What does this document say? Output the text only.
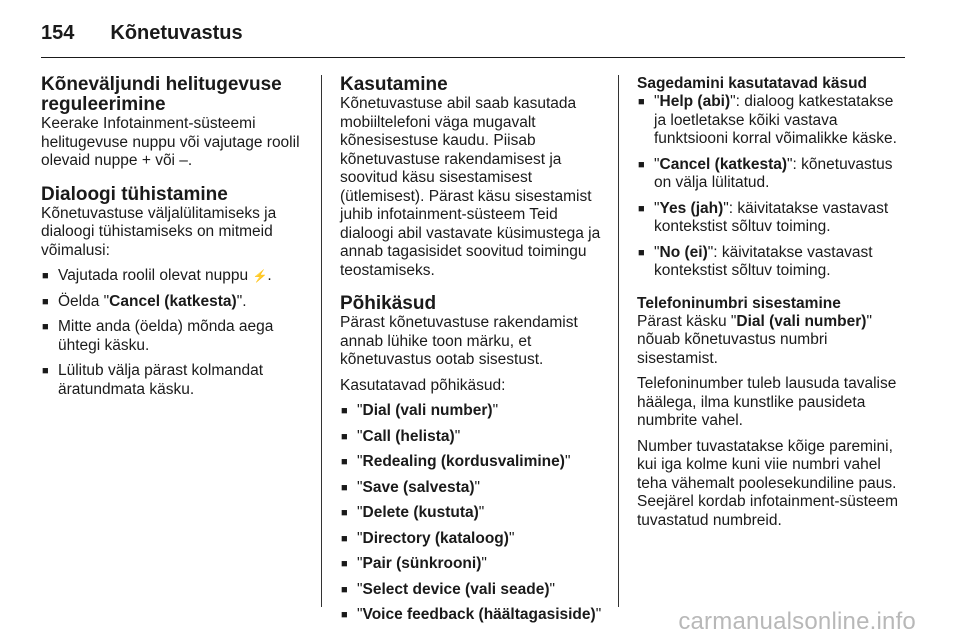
154 Kõnetuvastus
Kõneväljundi helitugevuse reguleerimine

Keerake Infotainment-süsteemi helitugevuse nuppu või vajutage roolil olevaid nuppe + või –.

Dialoogi tühistamine

Kõnetuvastuse väljalülitamiseks ja dialoogi tühistamiseks on mitmeid võimalusi:

■ Vajutada roolil olevat nuppu ⚡.
■ Öelda "Cancel (katkesta)".
■ Mitte anda (öelda) mõnda aega ühtegi käsku.
■ Lülitub välja pärast kolmandat äratundmata käsku.
Kasutamine

Kõnetuvastuse abil saab kasutada mobiiltelefoni väga mugavalt kõnesisestuse kaudu. Piisab kõnetuvastuse rakendamisest ja soovitud käsu sisestamisest (ütlemisest). Pärast käsu sisestamist juhib infotainment-süsteem Teid dialoogi abil vastavate küsimustega ja annab tagasisidet soovitud toimingu teostamiseks.

Põhikäsud

Pärast kõnetuvastuse rakendamist annab lühike toon märku, et kõnetuvastus ootab sisestust.

Kasutatavad põhikäsud:

■ "Dial (vali number)"
■ "Call (helista)"
■ "Redealing (kordusvalimine)"
■ "Save (salvesta)"
■ "Delete (kustuta)"
■ "Directory (kataloog)"
■ "Pair (sünkrooni)"
■ "Select device (vali seade)"
■ "Voice feedback (häältagasiside)"
Sagedamini kasutatavad käsud
■ "Help (abi)": dialoog katkestatakse ja loetletakse kõiki vastava funktsiooni korral võimalikke käske.
■ "Cancel (katkesta)": kõnetuvastus on välja lülitatud.
■ "Yes (jah)": käivitatakse vastavast kontekstist sõltuv toiming.
■ "No (ei)": käivitatakse vastavast kontekstist sõltuv toiming.
Telefoninumbri sisestamine

Pärast käsku "Dial (vali number)" nõuab kõnetuvastus numbri sisestamist.

Telefoninumber tuleb lausuda tavalise häälega, ilma kunstlike pausideta numbrite vahel.

Number tuvastatakse kõige paremini, kui iga kolme kuni viie numbri vahel teha vähemalt poolesekundiline paus. Seejärel kordab infotainment-süsteem tuvastatud numbreid.

carmanualsonline.info
